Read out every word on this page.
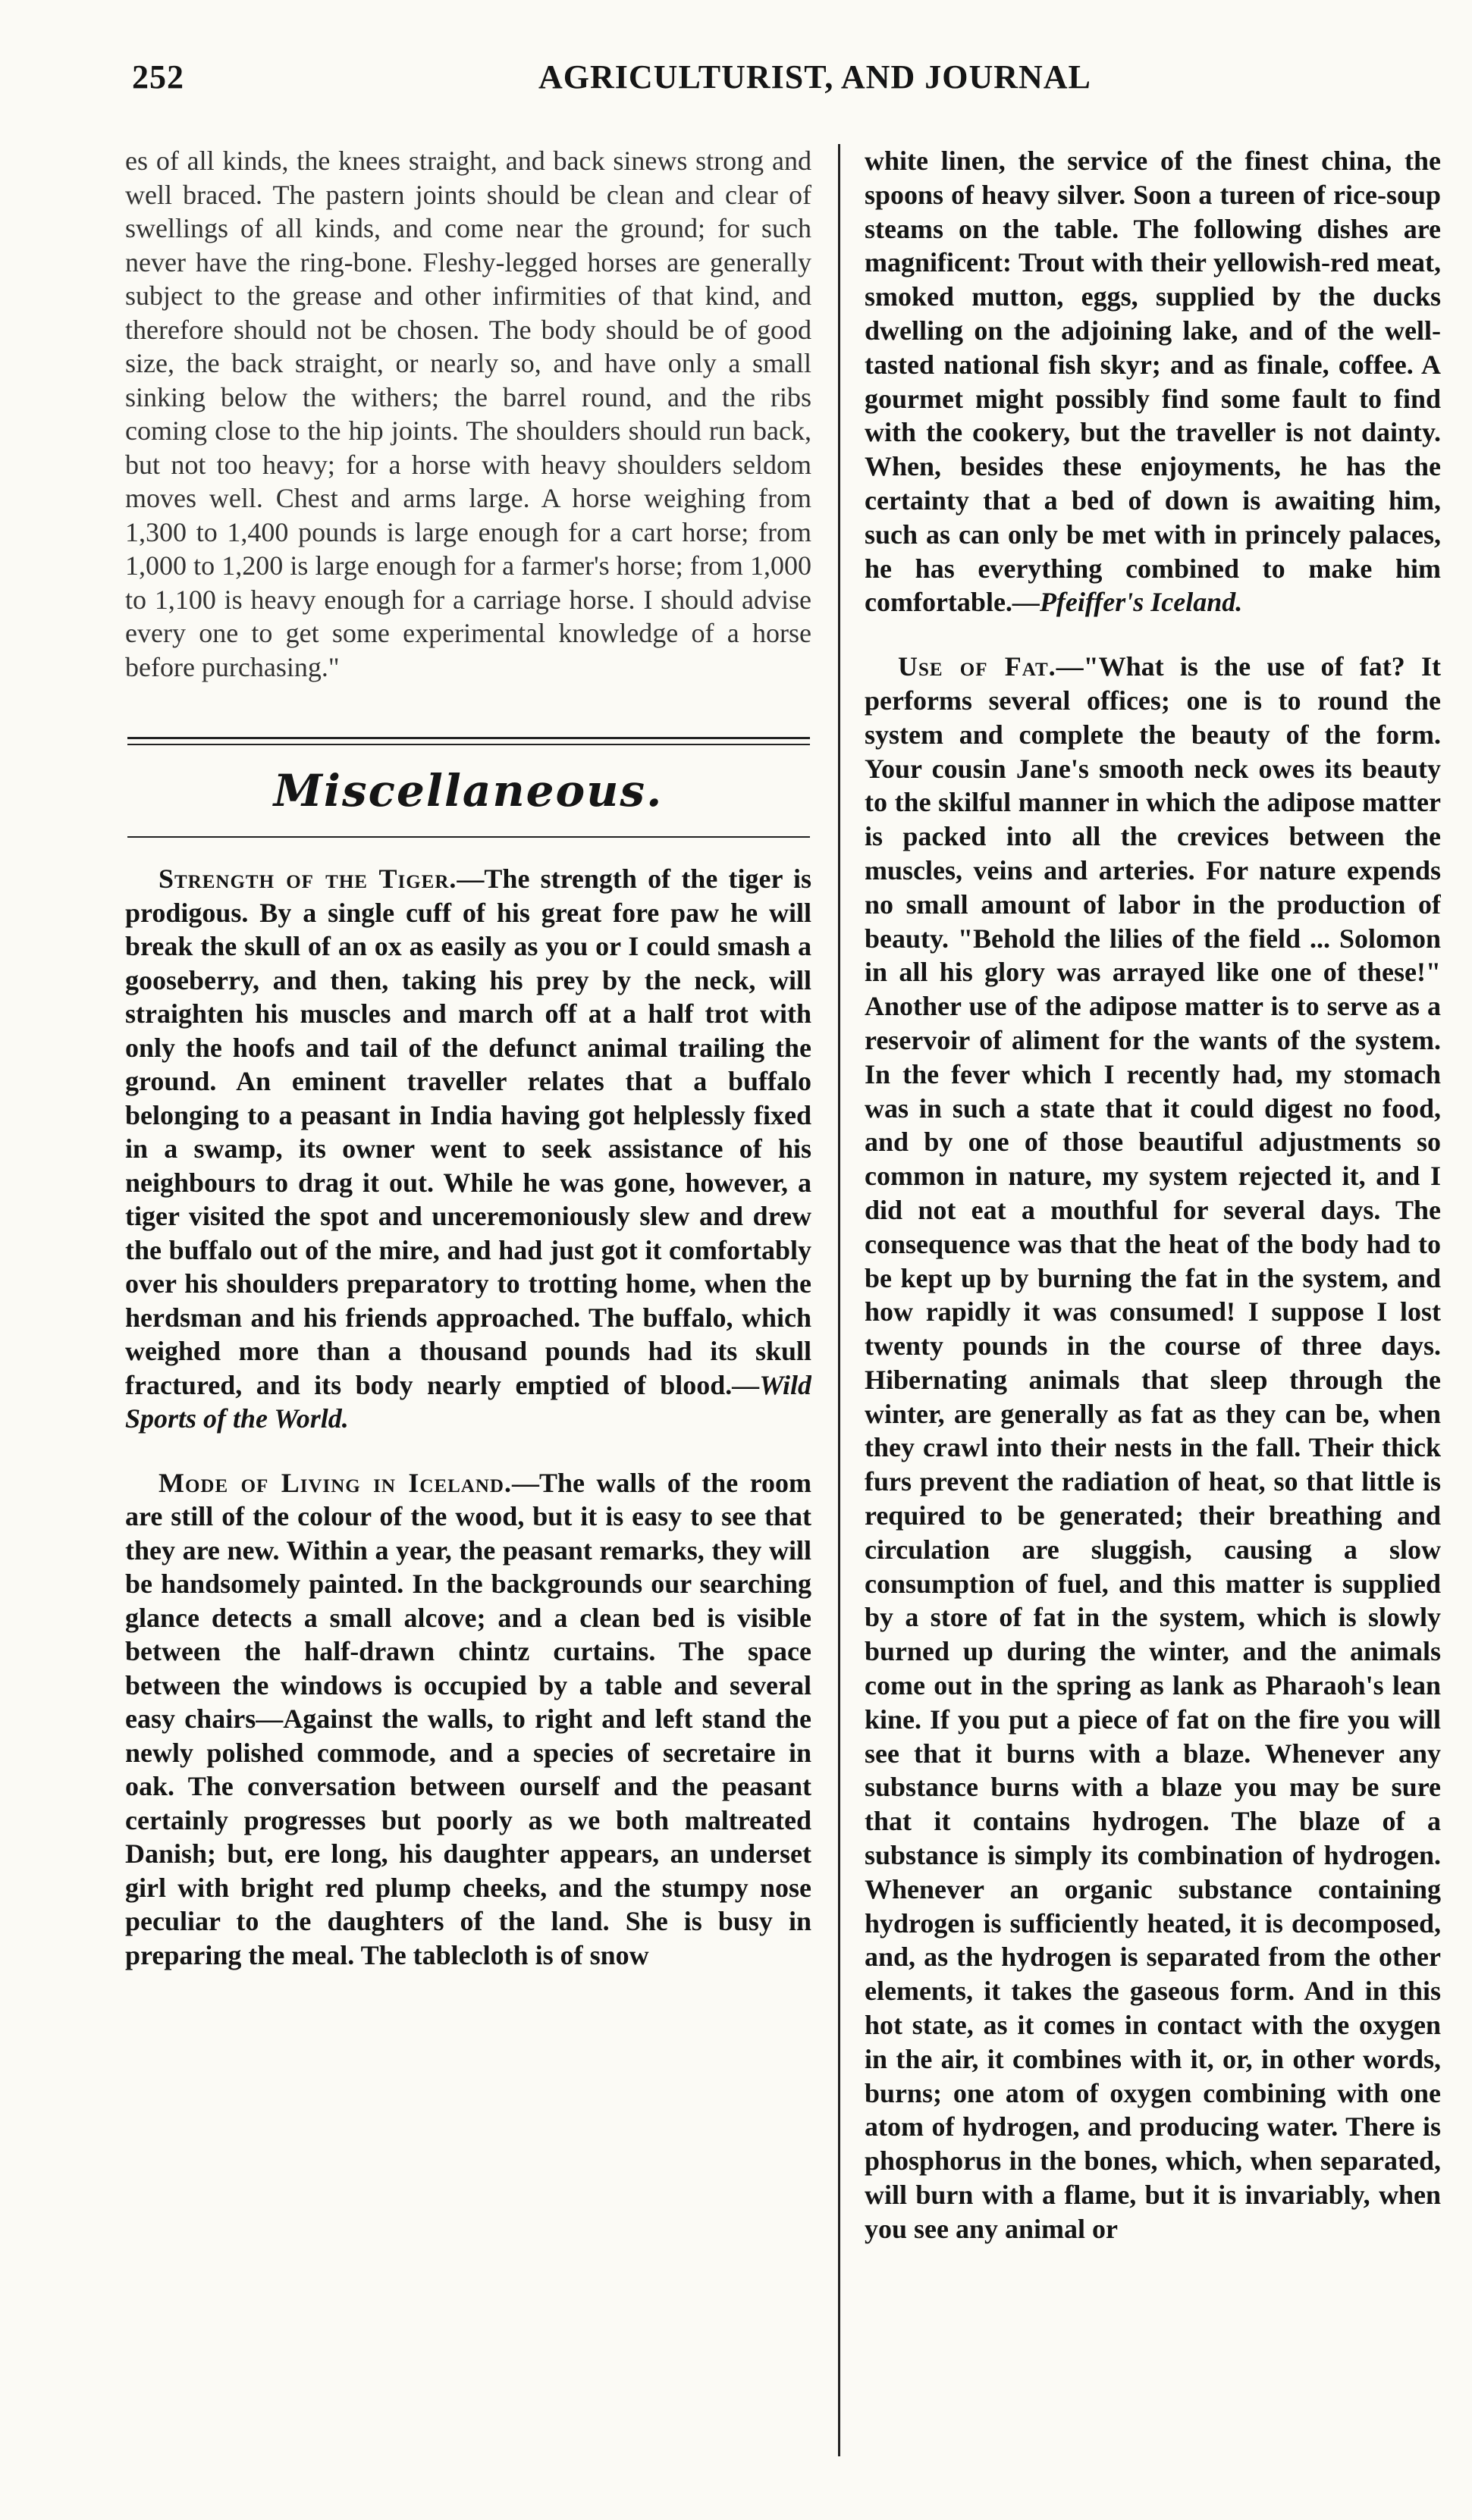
252	AGRICULTURIST, AND JOURNAL

es of all kinds, the knees straight, and back sinews strong and well braced. The pastern joints should be clean and clear of swellings of all kinds, and come near the ground; for such never have the ring-bone. Fleshy-legged horses are generally subject to the grease and other infirmities of that kind, and therefore should not be chosen. The body should be of good size, the back straight, or nearly so, and have only a small sinking below the withers; the barrel round, and the ribs coming close to the hip joints. The shoulders should run back, but not too heavy; for a horse with heavy shoulders seldom moves well. Chest and arms large. A horse weighing from 1,300 to 1,400 pounds is large enough for a cart horse; from 1,000 to 1,200 is large enough for a farmer's horse; from 1,000 to 1,100 is heavy enough for a carriage horse. I should advise every one to get some experimental knowledge of a horse before purchasing."

Miscellaneous.

Strength of the Tiger.—The strength of the tiger is prodigous. By a single cuff of his great fore paw he will break the skull of an ox as easily as you or I could smash a gooseberry, and then, taking his prey by the neck, will straighten his muscles and march off at a half trot with only the hoofs and tail of the defunct animal trailing the ground. An eminent traveller relates that a buffalo belonging to a peasant in India having got helplessly fixed in a swamp, its owner went to seek assistance of his neighbours to drag it out. While he was gone, however, a tiger visited the spot and unceremoniously slew and drew the buffalo out of the mire, and had just got it comfortably over his shoulders preparatory to trotting home, when the herdsman and his friends approached. The buffalo, which weighed more than a thousand pounds had its skull fractured, and its body nearly emptied of blood.—Wild Sports of the World.

Mode of Living in Iceland.—The walls of the room are still of the colour of the wood, but it is easy to see that they are new. Within a year, the peasant remarks, they will be handsomely painted. In the backgrounds our searching glance detects a small alcove; and a clean bed is visible between the half-drawn chintz curtains. The space between the windows is occupied by a table and several easy chairs—Against the walls, to right and left stand the newly polished commode, and a species of secretaire in oak. The conversation between ourself and the peasant certainly progresses but poorly as we both maltreated Danish; but, ere long, his daughter appears, an underset girl with bright red plump cheeks, and the stumpy nose peculiar to the daughters of the land. She is busy in preparing the meal. The tablecloth is of snow

white linen, the service of the finest china, the spoons of heavy silver. Soon a tureen of rice-soup steams on the table. The following dishes are magnificent: Trout with their yellowish-red meat, smoked mutton, eggs, supplied by the ducks dwelling on the adjoining lake, and of the well-tasted national fish skyr; and as finale, coffee. A gourmet might possibly find some fault to find with the cookery, but the traveller is not dainty. When, besides these enjoyments, he has the certainty that a bed of down is awaiting him, such as can only be met with in princely palaces, he has everything combined to make him comfortable.—Pfeiffer's Iceland.

Use of Fat.—"What is the use of fat? It performs several offices; one is to round the system and complete the beauty of the form. Your cousin Jane's smooth neck owes its beauty to the skilful manner in which the adipose matter is packed into all the crevices between the muscles, veins and arteries. For nature expends no small amount of labor in the production of beauty. "Behold the lilies of the field ... Solomon in all his glory was arrayed like one of these!" Another use of the adipose matter is to serve as a reservoir of aliment for the wants of the system. In the fever which I recently had, my stomach was in such a state that it could digest no food, and by one of those beautiful adjustments so common in nature, my system rejected it, and I did not eat a mouthful for several days. The consequence was that the heat of the body had to be kept up by burning the fat in the system, and how rapidly it was consumed! I suppose I lost twenty pounds in the course of three days. Hibernating animals that sleep through the winter, are generally as fat as they can be, when they crawl into their nests in the fall. Their thick furs prevent the radiation of heat, so that little is required to be generated; their breathing and circulation are sluggish, causing a slow consumption of fuel, and this matter is supplied by a store of fat in the system, which is slowly burned up during the winter, and the animals come out in the spring as lank as Pharaoh's lean kine. If you put a piece of fat on the fire you will see that it burns with a blaze. Whenever any substance burns with a blaze you may be sure that it contains hydrogen. The blaze of a substance is simply its combination of hydrogen. Whenever an organic substance containing hydrogen is sufficiently heated, it is decomposed, and, as the hydrogen is separated from the other elements, it takes the gaseous form. And in this hot state, as it comes in contact with the oxygen in the air, it combines with it, or, in other words, burns; one atom of oxygen combining with one atom of hydrogen, and producing water. There is phosphorus in the bones, which, when separated, will burn with a flame, but it is invariably, when you see any animal or
